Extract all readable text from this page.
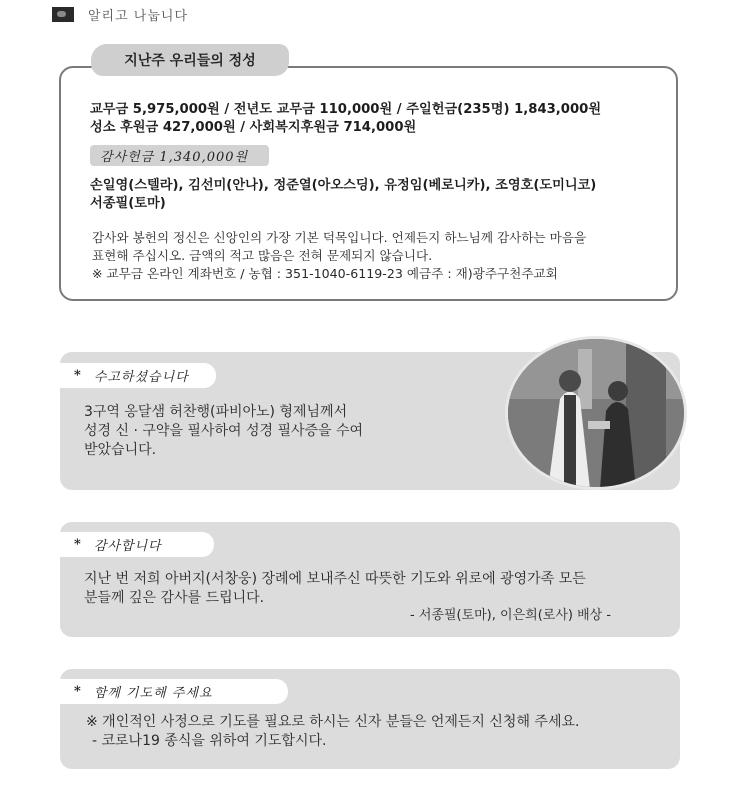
알리고 나눕니다
지난주 우리들의 정성
교무금 5,975,000원 / 전년도 교무금 110,000원 / 주일헌금(235명) 1,843,000원
성소 후원금 427,000원 / 사회복지후원금 714,000원
감사헌금 1,340,000원
손일영(스텔라), 김선미(안나), 정준열(아오스딩), 유정임(베로니카), 조영호(도미니코)
서종필(토마)
감사와 봉헌의 정신은 신앙인의 가장 기본 덕목입니다. 언제든지 하느님께 감사하는 마음을
표현해 주십시오. 금액의 적고 많음은 전혀 문제되지 않습니다.
※ 교무금 온라인 계좌번호 / 농협 : 351-1040-6119-23 예금주 : 재)광주구천주교회
* 수고하셨습니다
3구역 옹달샘 허찬행(파비아노) 형제님께서
성경 신 · 구약을 필사하여 성경 필사증을 수여
받았습니다.
* 감사합니다
지난 번 저희 아버지(서창웅) 장례에 보내주신 따뜻한 기도와 위로에 광영가족 모든
분들께 깊은 감사를 드립니다.
- 서종필(토마), 이은희(로사) 배상 -
* 함께 기도해 주세요
※ 개인적인 사정으로 기도를 필요로 하시는 신자 분들은 언제든지 신청해 주세요.
- 코로나19 종식을 위하여 기도합시다.
